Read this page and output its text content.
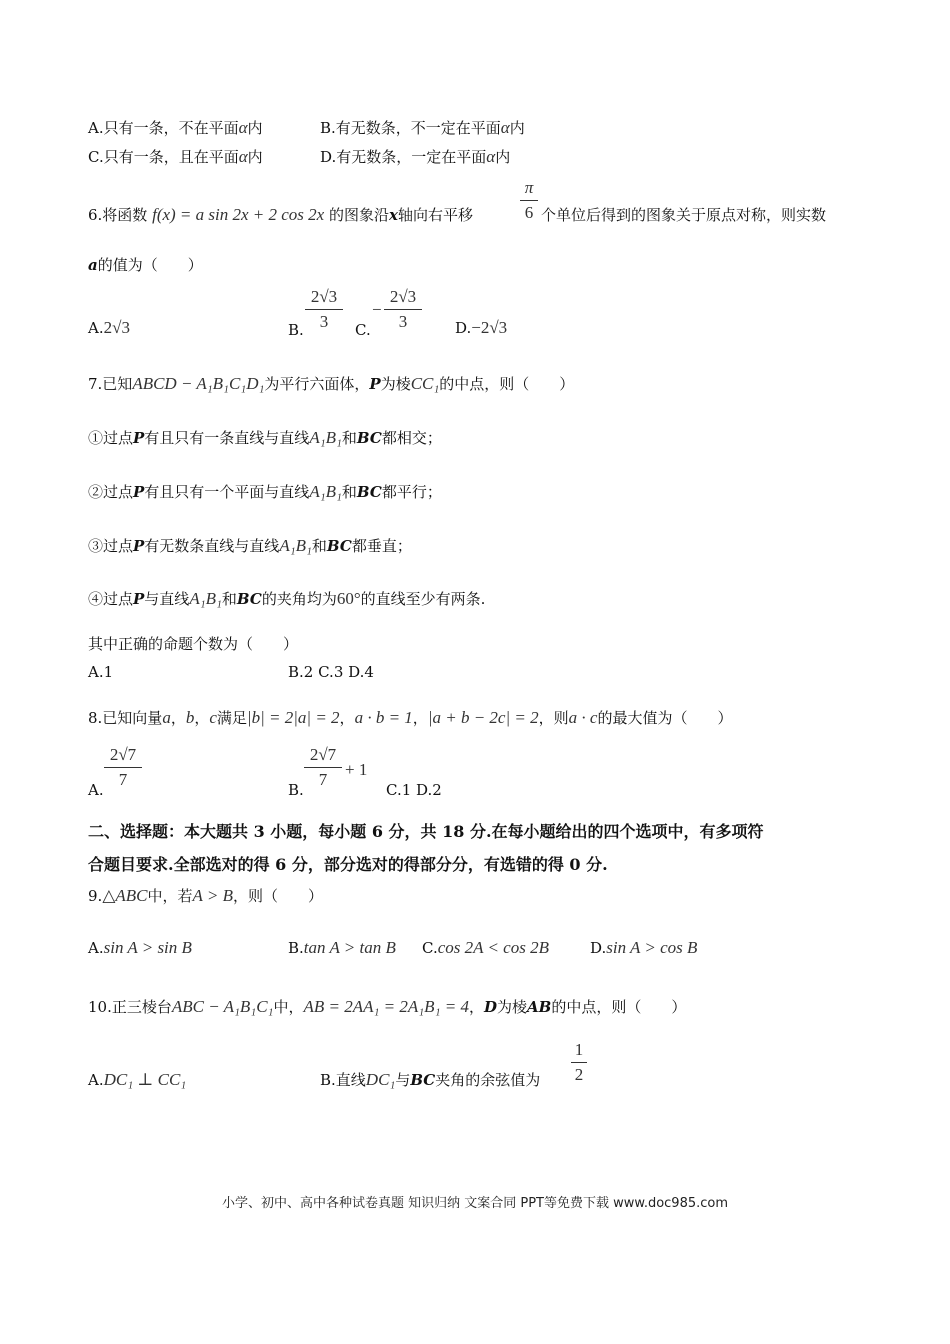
A.只有一条，不在平面α内	B.有无数条，不一定在平面α内
C.只有一条，且在平面α内	D.有无数条，一定在平面α内
6.将函数 f(x) = a sin 2x + 2 cos 2x 的图象沿x轴向右平移
π
6 个单位后得到的图象关于原点对称，则实数
a的值为（　　）
A.2√3	B.
2√3
3	C.
−
2√3
3	D.−2√3
7.已知ABCD − A₁B₁C₁D₁为平行六面体，P为棱CC₁的中点，则（　　）
①过点P有且只有一条直线与直线A₁B₁和BC都相交；
②过点P有且只有一个平面与直线A₁B₁和BC都平行；
③过点P有无数条直线与直线A₁B₁和BC都垂直；
④过点P与直线A₁B₁和BC的夹角均为60°的直线至少有两条.
其中正确的命题个数为（　　）
A.1	B.2 C.3 D.4
8.已知向量a，b，c满足|b| = 2|a| = 2，a · b = 1，|a + b − 2c| = 2，则a · c的最大值为（　　）
A.
2√7
7
B.
2√7
7
+ 1
C.1 D.2
二、选择题：本大题共 3 小题，每小题 6 分，共 18 分.在每小题给出的四个选项中，有多项符
合题目要求.全部选对的得 6 分，部分选对的得部分分，有选错的得 0 分.
9.△ABC中，若A > B，则（　　）
A.sin A > sin B	B.tan A > tan B C.cos 2A < cos 2B	D.sin A > cos B
10.正三棱台ABC − A₁B₁C₁中，AB = 2AA₁ = 2A₁B₁ = 4，D为棱AB的中点，则（　　）
A.DC₁ ⊥ CC₁	B.直线DC₁与BC夹角的余弦值为
1
2
小学、初中、高中各种试卷真题 知识归纳 文案合同 PPT等免费下载 www.doc985.com
